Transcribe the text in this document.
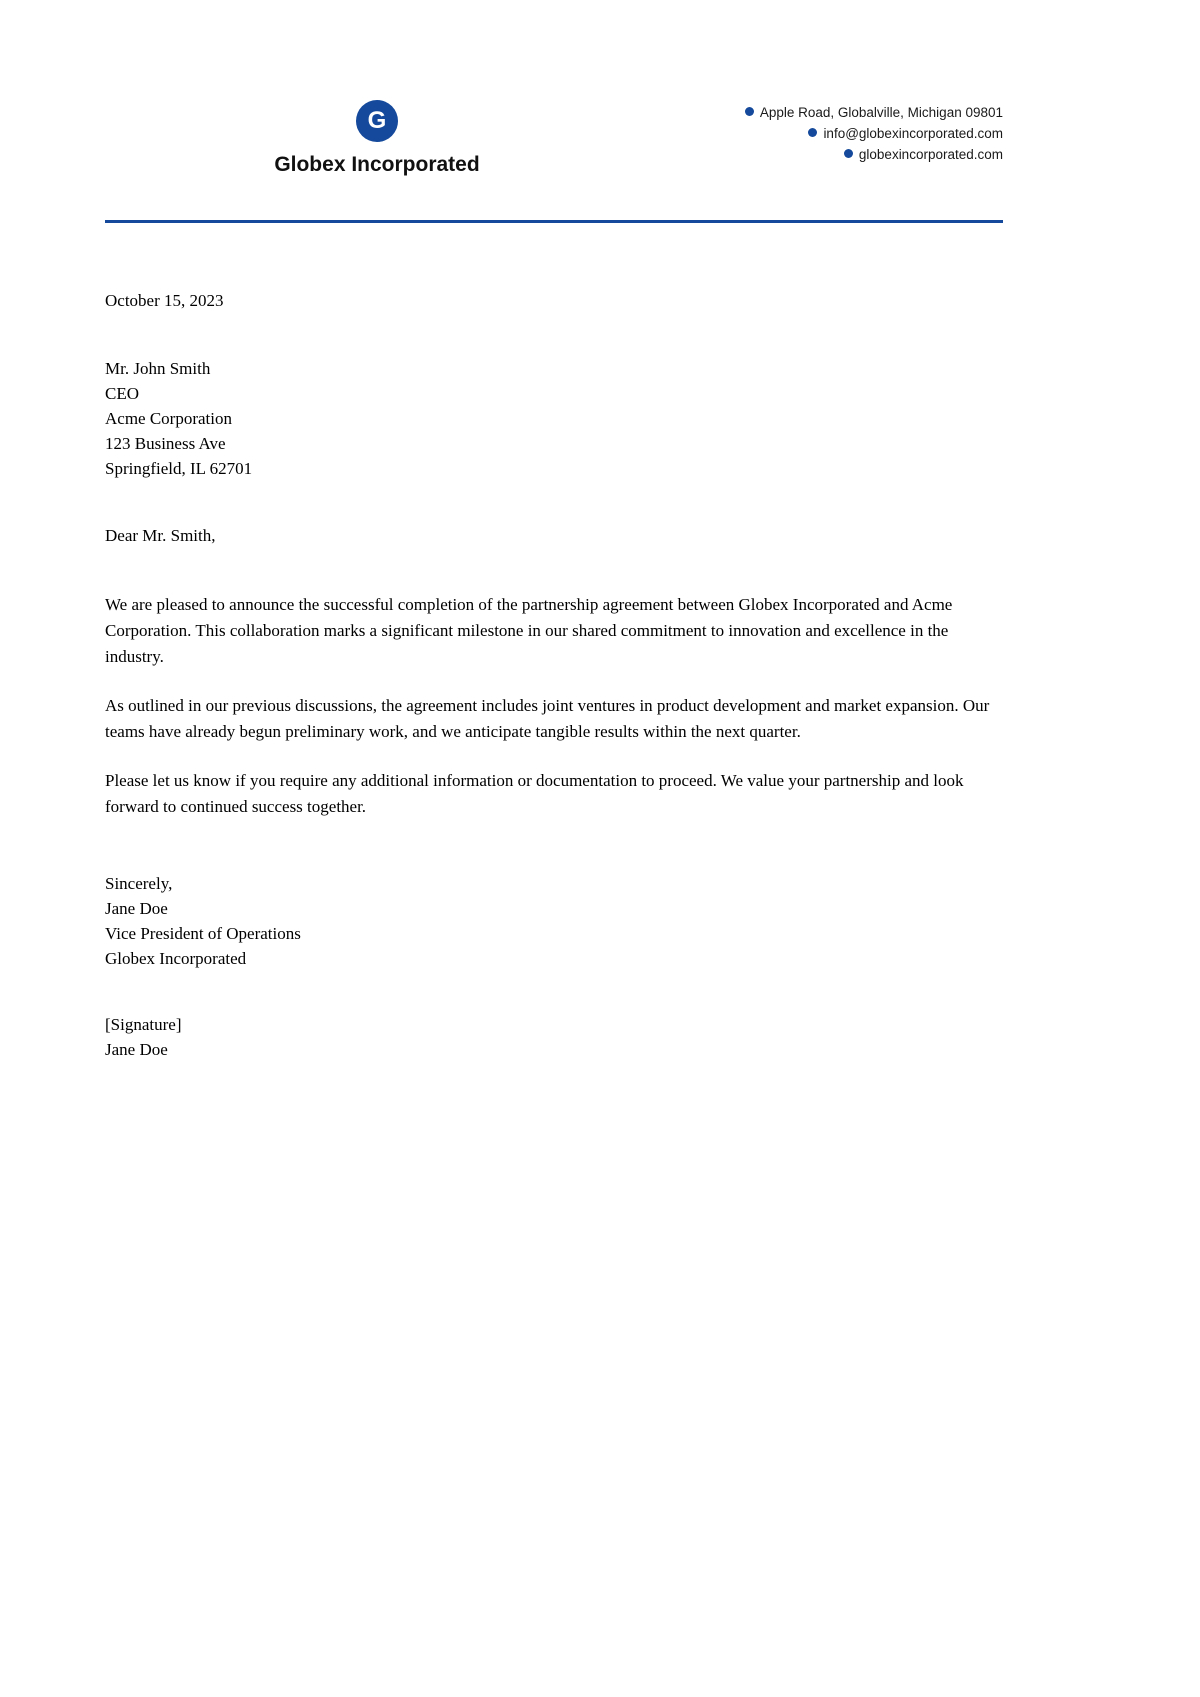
G
Globex Incorporated
Apple Road, Globalville, Michigan 09801
info@globexincorporated.com
globexincorporated.com
October 15, 2023
Mr. John Smith
CEO
Acme Corporation
123 Business Ave
Springfield, IL 62701
Dear Mr. Smith,

We are pleased to announce the successful completion of the partnership agreement between Globex Incorporated and Acme Corporation. This collaboration marks a significant milestone in our shared commitment to innovation and excellence in the industry.

As outlined in our previous discussions, the agreement includes joint ventures in product development and market expansion. Our teams have already begun preliminary work, and we anticipate tangible results within the next quarter.

Please let us know if you require any additional information or documentation to proceed. We value your partnership and look forward to continued success together.

Sincerely,
Jane Doe
Vice President of Operations
Globex Incorporated
[Signature]
Jane Doe
